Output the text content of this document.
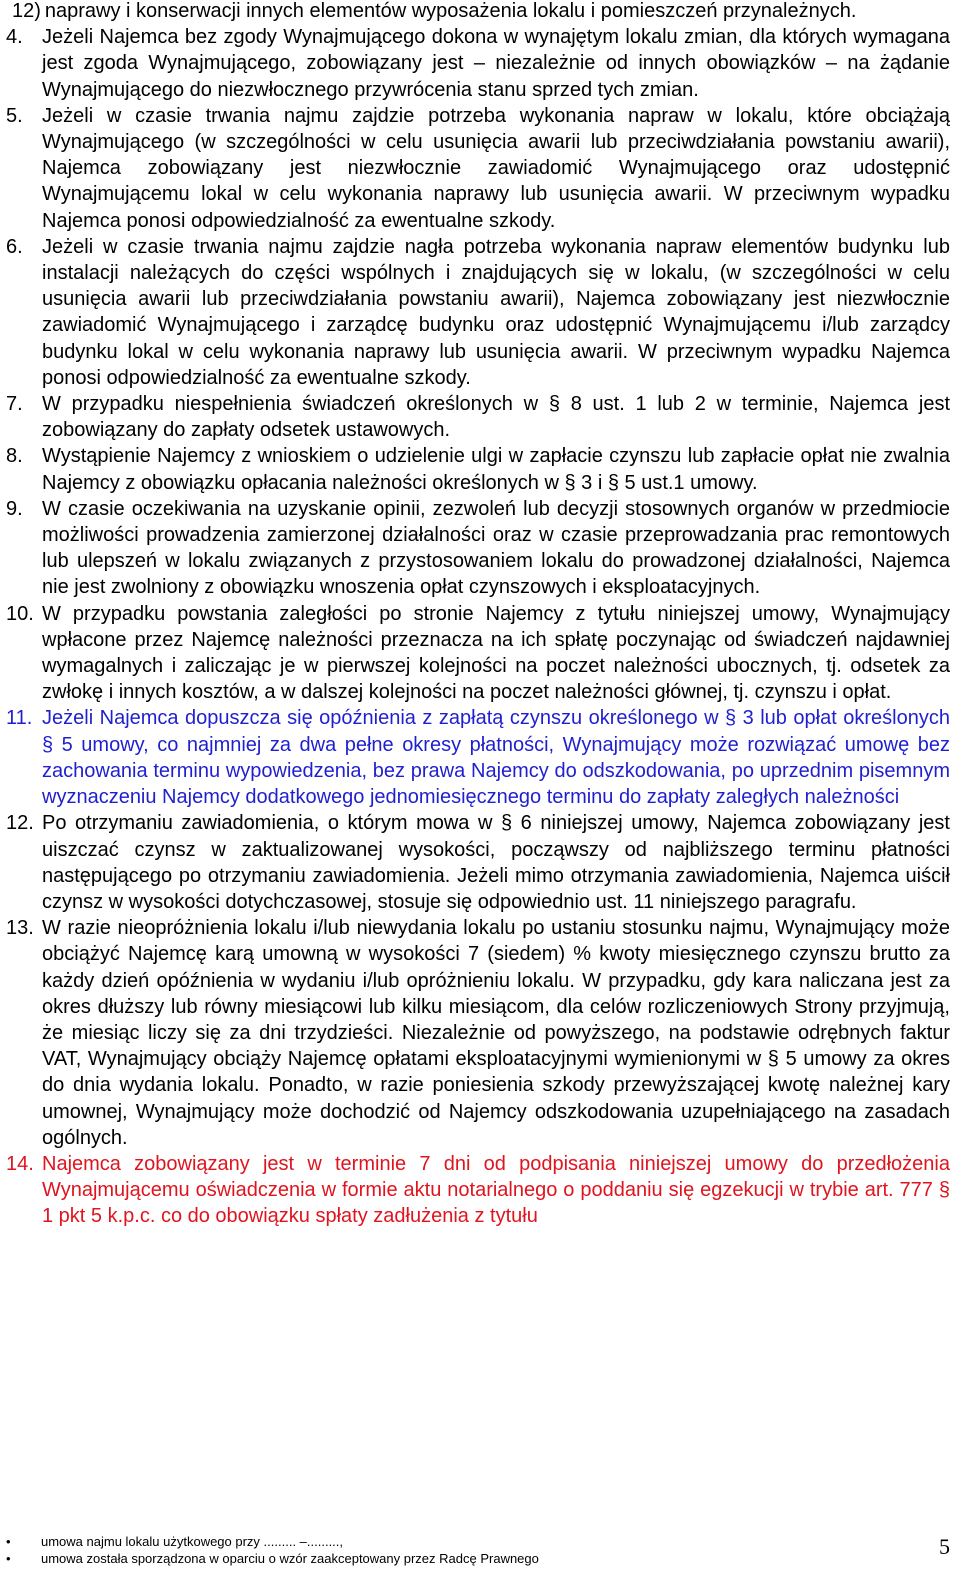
12) naprawy i konserwacji innych elementów wyposażenia lokalu i pomieszczeń przynależnych.
4. Jeżeli Najemca bez zgody Wynajmującego dokona w wynajętym lokalu zmian, dla których wymagana jest zgoda Wynajmującego, zobowiązany jest – niezależnie od innych obowiązków – na żądanie Wynajmującego do niezwłocznego przywrócenia stanu sprzed tych zmian.
5. Jeżeli w czasie trwania najmu zajdzie potrzeba wykonania napraw w lokalu, które obciążają Wynajmującego (w szczególności w celu usunięcia awarii lub przeciwdziałania powstaniu awarii), Najemca zobowiązany jest niezwłocznie zawiadomić Wynajmującego oraz udostępnić Wynajmującemu lokal w celu wykonania naprawy lub usunięcia awarii. W przeciwnym wypadku Najemca ponosi odpowiedzialność za ewentualne szkody.
6. Jeżeli w czasie trwania najmu zajdzie nagła potrzeba wykonania napraw elementów budynku lub instalacji należących do części wspólnych i znajdujących się w lokalu, (w szczególności w celu usunięcia awarii lub przeciwdziałania powstaniu awarii), Najemca zobowiązany jest niezwłocznie zawiadomić Wynajmującego i zarządcę budynku oraz udostępnić Wynajmującemu i/lub zarządcy budynku lokal w celu wykonania naprawy lub usunięcia awarii. W przeciwnym wypadku Najemca ponosi odpowiedzialność za ewentualne szkody.
7. W przypadku niespełnienia świadczeń określonych w § 8 ust. 1 lub 2 w terminie, Najemca jest zobowiązany do zapłaty odsetek ustawowych.
8. Wystąpienie Najemcy z wnioskiem o udzielenie ulgi w zapłacie czynszu lub zapłacie opłat nie zwalnia Najemcy z obowiązku opłacania należności określonych w § 3 i § 5 ust.1 umowy.
9. W czasie oczekiwania na uzyskanie opinii, zezwoleń lub decyzji stosownych organów w przedmiocie możliwości prowadzenia zamierzonej działalności oraz w czasie przeprowadzania prac remontowych lub ulepszeń w lokalu związanych z przystosowaniem lokalu do prowadzonej działalności, Najemca nie jest zwolniony z obowiązku wnoszenia opłat czynszowych i eksploatacyjnych.
10. W przypadku powstania zaległości po stronie Najemcy z tytułu niniejszej umowy, Wynajmujący wpłacone przez Najemcę należności przeznacza na ich spłatę poczynając od świadczeń najdawniej wymagalnych i zaliczając je w pierwszej kolejności na poczet należności ubocznych, tj. odsetek za zwłokę i innych kosztów, a w dalszej kolejności na poczet należności głównej, tj. czynszu i opłat.
11. Jeżeli Najemca dopuszcza się opóźnienia z zapłatą czynszu określonego w § 3 lub opłat określonych § 5 umowy, co najmniej za dwa pełne okresy płatności, Wynajmujący może rozwiązać umowę bez zachowania terminu wypowiedzenia, bez prawa Najemcy do odszkodowania, po uprzednim pisemnym wyznaczeniu Najemcy dodatkowego jednomiesięcznego terminu do zapłaty zaległych należności
12. Po otrzymaniu zawiadomienia, o którym mowa w § 6 niniejszej umowy, Najemca zobowiązany jest uiszczać czynsz w zaktualizowanej wysokości, począwszy od najbliższego terminu płatności następującego po otrzymaniu zawiadomienia. Jeżeli mimo otrzymania zawiadomienia, Najemca uiścił czynsz w wysokości dotychczasowej, stosuje się odpowiednio ust. 11 niniejszego paragrafu.
13. W razie nieopróżnienia lokalu i/lub niewydania lokalu po ustaniu stosunku najmu, Wynajmujący może obciążyć Najemcę karą umowną w wysokości 7 (siedem) % kwoty miesięcznego czynszu brutto za każdy dzień opóźnienia w wydaniu i/lub opróżnieniu lokalu. W przypadku, gdy kara naliczana jest za okres dłuższy lub równy miesiącowi lub kilku miesiącom, dla celów rozliczeniowych Strony przyjmują, że miesiąc liczy się za dni trzydzieści. Niezależnie od powyższego, na podstawie odrębnych faktur VAT, Wynajmujący obciąży Najemcę opłatami eksploatacyjnymi wymienionymi w § 5 umowy za okres do dnia wydania lokalu. Ponadto, w razie poniesienia szkody przewyższającej kwotę należnej kary umownej, Wynajmujący może dochodzić od Najemcy odszkodowania uzupełniającego na zasadach ogólnych.
14. Najemca zobowiązany jest w terminie 7 dni od podpisania niniejszej umowy do przedłożenia Wynajmującemu oświadczenia w formie aktu notarialnego o poddaniu się egzekucji w trybie art. 777 § 1 pkt 5 k.p.c. co do obowiązku spłaty zadłużenia z tytułu
• umowa najmu lokalu użytkowego przy ......... –.........,
• umowa została sporządzona w oparciu o wzór zaakceptowany przez Radcę Prawnego	5
